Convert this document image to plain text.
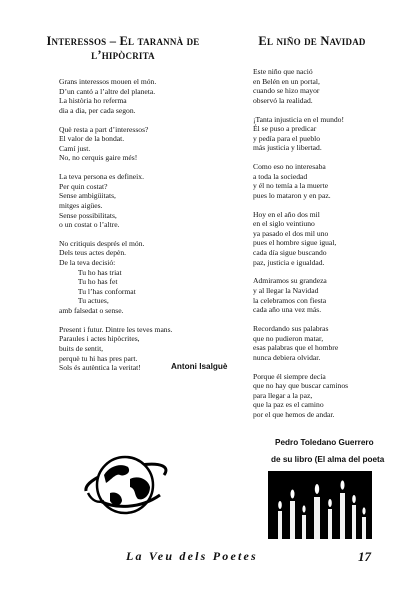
Interessos – El tarannà de
l’hipòcrita
El niño de Navidad
Grans interessos mouen el món.
D’un cantó a l’altre del planeta.
La història ho referma
dia a dia, per cada segon.
Què resta a part d’interessos?
El valor de la bondat.
Camí just.
No, no cerquis gaire més!
La teva persona es defineix.
Per quin costat?
Sense ambigüitats,
mitges aigües.
Sense possibilitats,
o un costat o l’altre.
No critiquis després el món.
Dels teus actes depèn.
De la teva decisió:
Tu ho has triat
Tu ho has fet
Tu l’has conformat
Tu actues,
amb falsedat o sense.
Present i futur. Dintre les teves mans.
Paraules i actes hipòcrites,
buits de sentit,
perquè tu hi has pres part.
Sols és autèntica la veritat!
Este niño que nació
en Belén en un portal,
cuando se hizo mayor
observó la realidad.
¡Tanta injusticia en el mundo!
Él se puso a predicar
y pedía para el pueblo
más justicia y libertad.
Como eso no interesaba
a toda la sociedad
y él no temía a la muerte
pues lo mataron y en paz.
Hoy en el año dos mil
en el siglo veintiuno
ya pasado el dos mil uno
pues el hombre sigue igual,
cada día sigue buscando
paz, justicia e igualdad.
Admiramos su grandeza
y al llegar la Navidad
la celebramos con fiesta
cada año una vez más.
Recordando sus palabras
que no pudieron matar,
esas palabras que el hombre
nunca debiera olvidar.
Porque él siempre decía
que no hay que buscar caminos
para llegar a la paz,
que la paz es el camino
por el que hemos de andar.
Antoni Isalguè
Pedro Toledano Guerrero
de su libro (El alma del poeta
La Veu dels Poetes	17
